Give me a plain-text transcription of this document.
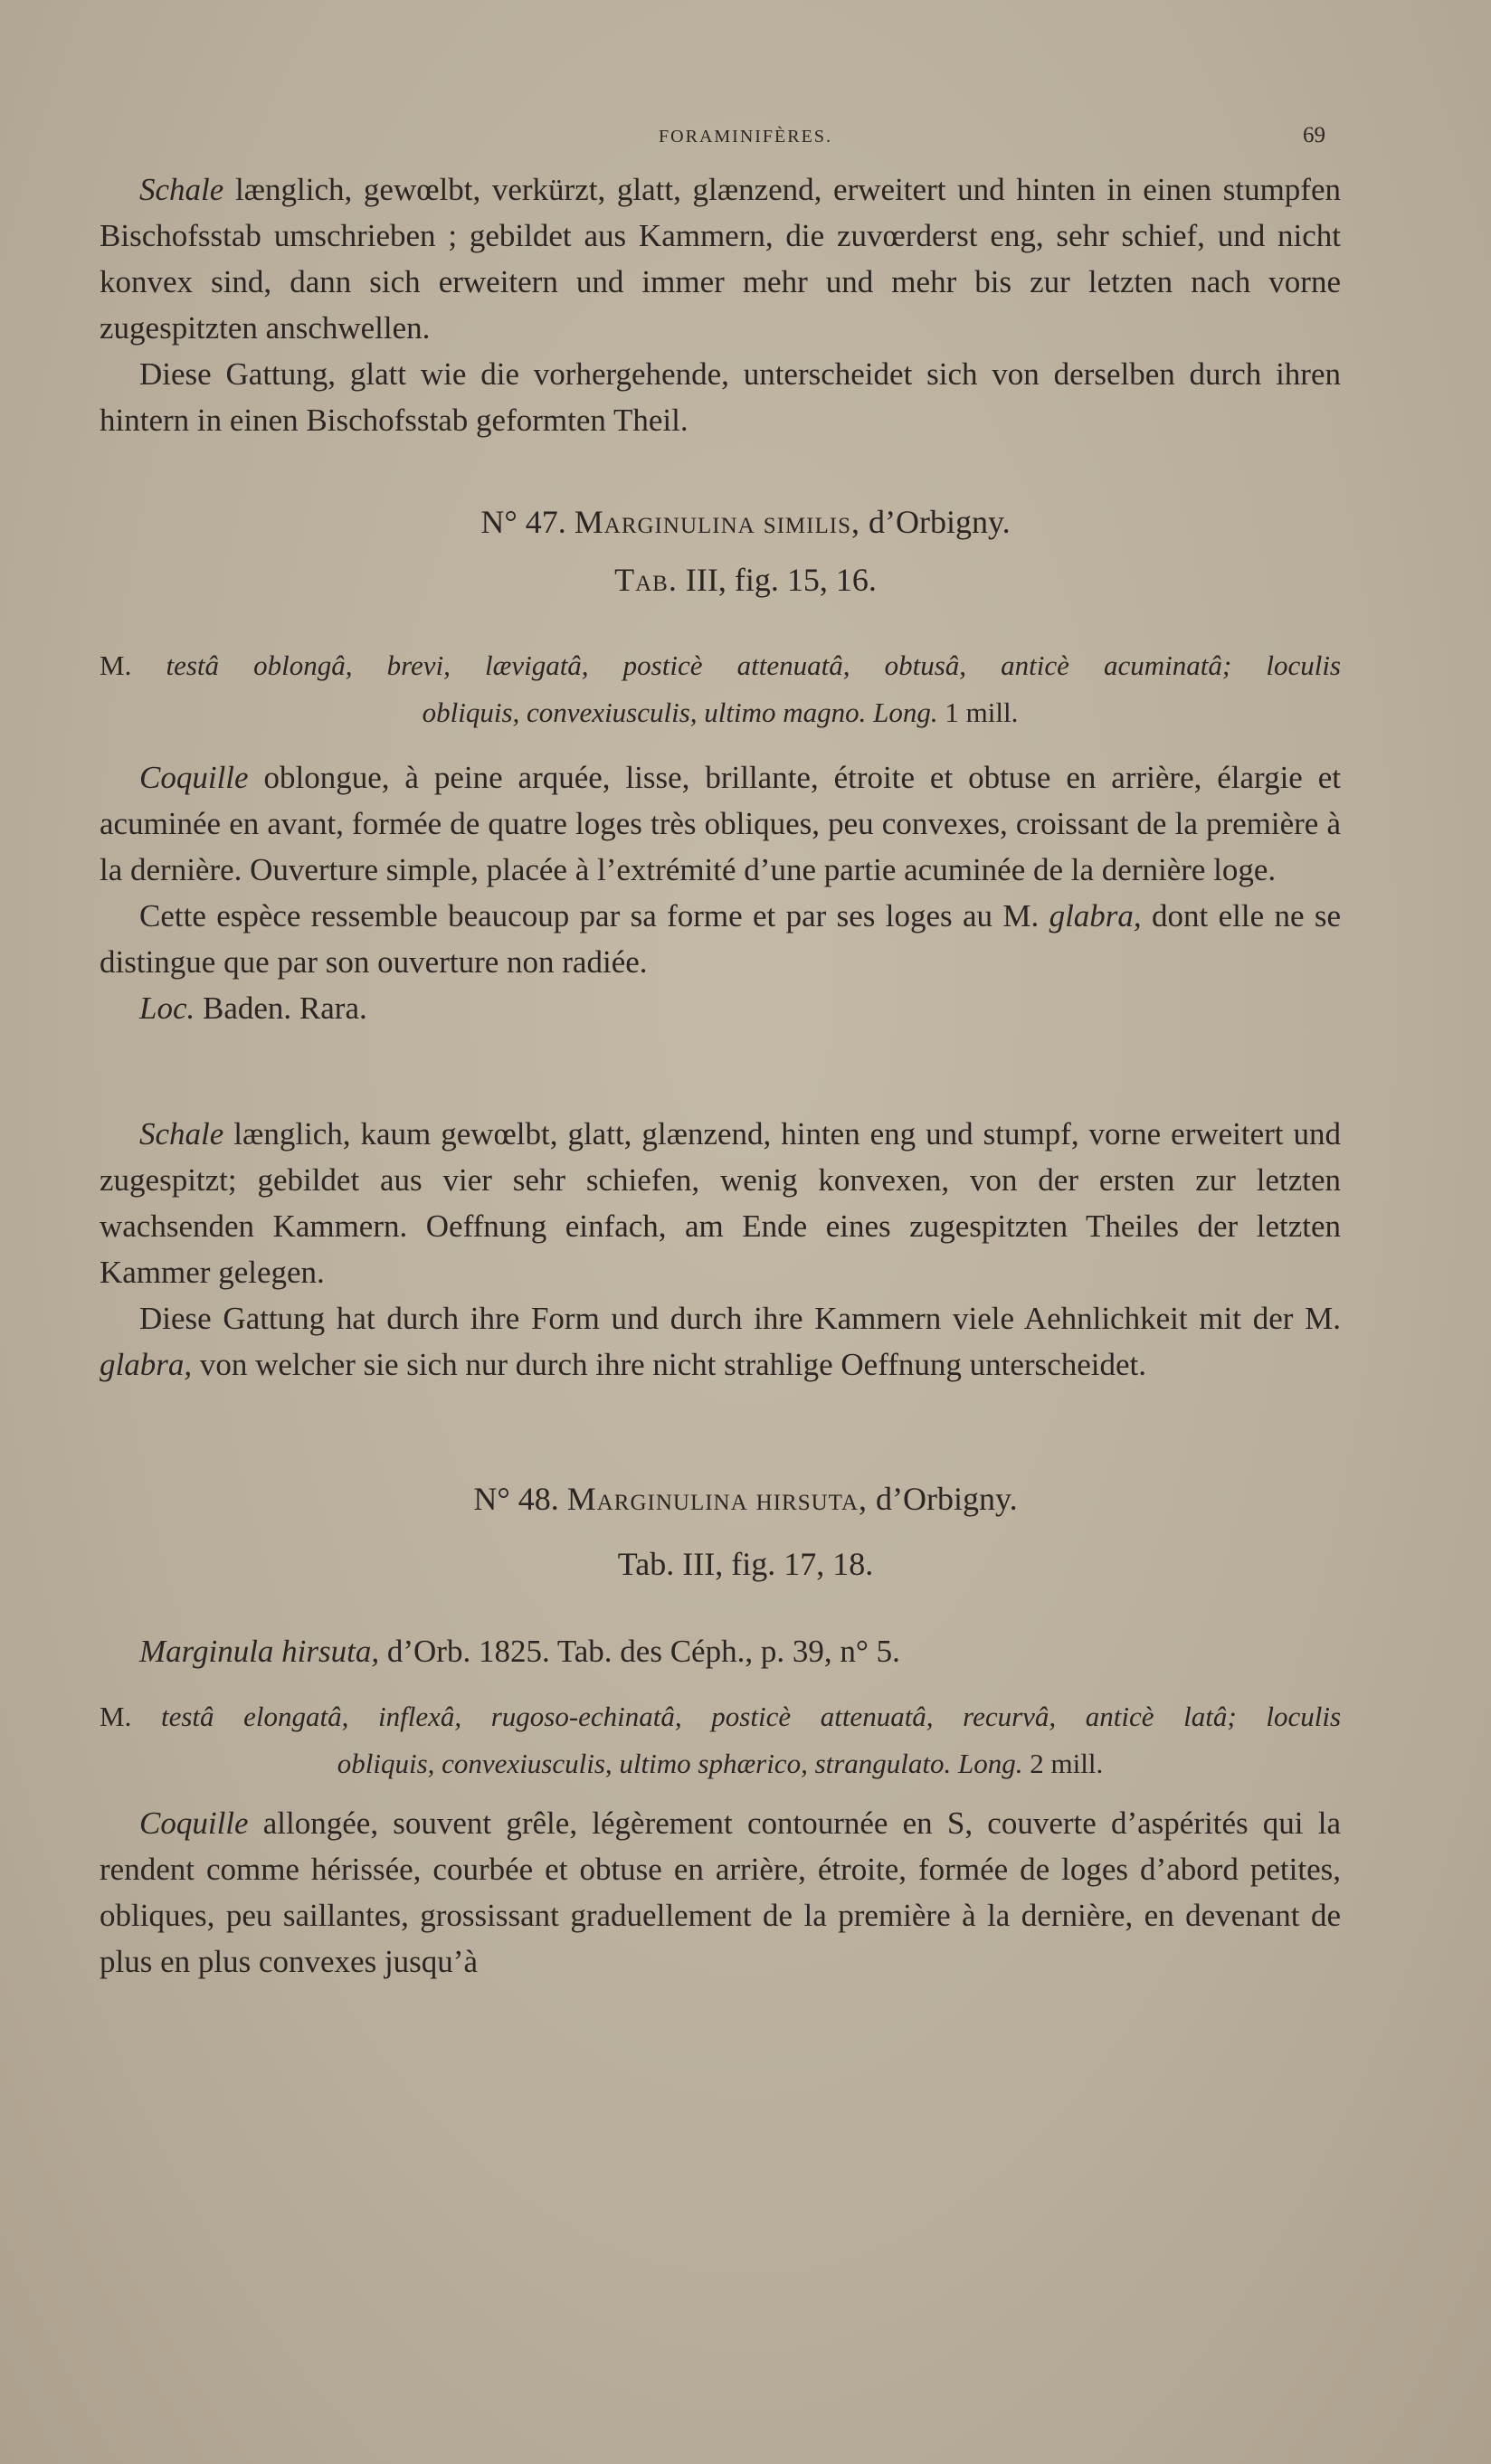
FORAMINIFÈRES.	69

Schale længlich, gewœlbt, verkürzt, glatt, glænzend, erweitert und hinten in einen stumpfen Bischofsstab umschrieben ; gebildet aus Kammern, die zuvœrderst eng, sehr schief, und nicht konvex sind, dann sich erweitern und immer mehr und mehr bis zur letzten nach vorne zugespitzten anschwellen.

Diese Gattung, glatt wie die vorhergehende, unterscheidet sich von derselben durch ihren hintern in einen Bischofsstab geformten Theil.

N° 47. Marginulina similis, d’Orbigny.
Tab. III, fig. 15, 16.
M. testâ oblongâ, brevi, lævigatâ, posticè attenuatâ, obtusâ, anticè acuminatâ; loculis
obliquis, convexiusculis, ultimo magno. Long. 1 mill.

Coquille oblongue, à peine arquée, lisse, brillante, étroite et obtuse en arrière, élargie et acuminée en avant, formée de quatre loges très obliques, peu convexes, croissant de la première à la dernière. Ouverture simple, placée à l’extrémité d’une partie acuminée de la dernière loge.

Cette espèce ressemble beaucoup par sa forme et par ses loges au M. glabra, dont elle ne se distingue que par son ouverture non radiée.

Loc. Baden. Rara.

Schale længlich, kaum gewœlbt, glatt, glænzend, hinten eng und stumpf, vorne erweitert und zugespitzt; gebildet aus vier sehr schiefen, wenig konvexen, von der ersten zur letzten wachsenden Kammern. Oeffnung einfach, am Ende eines zugespitzten Theiles der letzten Kammer gelegen.

Diese Gattung hat durch ihre Form und durch ihre Kammern viele Aehnlichkeit mit der M. glabra, von welcher sie sich nur durch ihre nicht strahlige Oeffnung unterscheidet.

N° 48. Marginulina hirsuta, d’Orbigny.
Tab. III, fig. 17, 18.

Marginula hirsuta, d’Orb. 1825. Tab. des Céph., p. 39, n° 5.

M. testâ elongatâ, inflexâ, rugoso-echinatâ, posticè attenuatâ, recurvâ, anticè latâ; loculis
obliquis, convexiusculis, ultimo sphærico, strangulato. Long. 2 mill.

Coquille allongée, souvent grêle, légèrement contournée en S, couverte d’aspérités qui la rendent comme hérissée, courbée et obtuse en arrière, étroite, formée de loges d’abord petites, obliques, peu saillantes, grossissant graduellement de la première à la dernière, en devenant de plus en plus convexes jusqu’à
